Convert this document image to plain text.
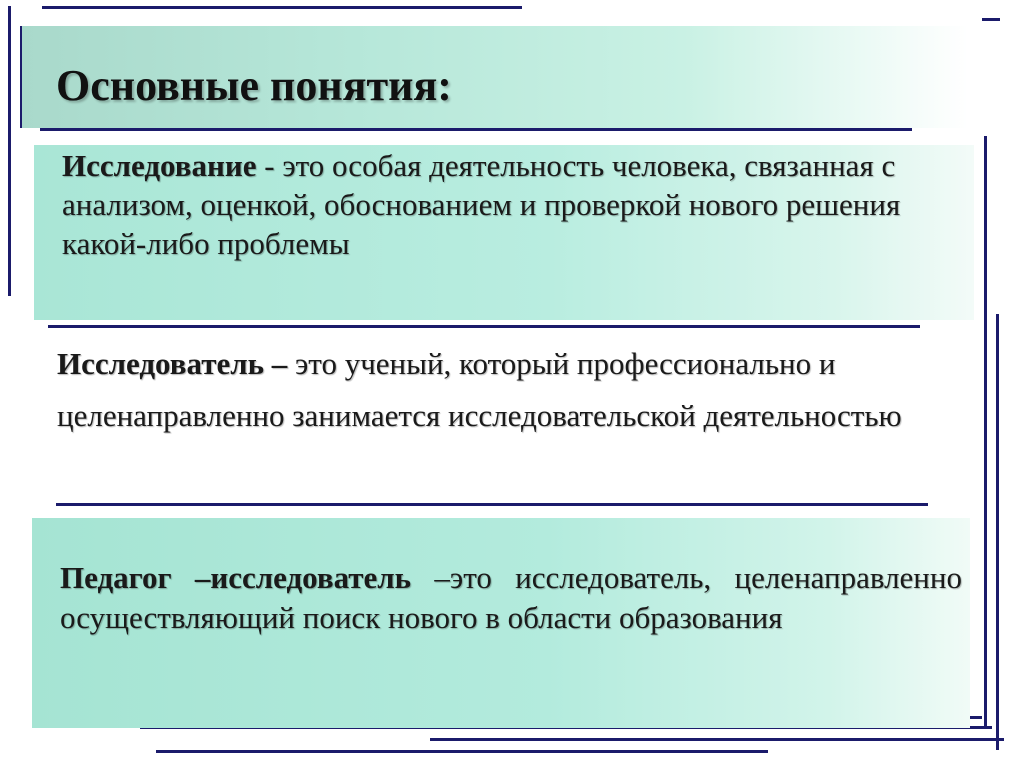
Основные понятия:

Исследование - это особая деятельность человека, связанная с анализом, оценкой, обоснованием и проверкой нового решения какой-либо проблемы

Исследователь – это ученый, который профессионально и целенаправленно занимается исследовательской деятельностью

Педагог –исследователь –это исследователь, целенаправленно осуществляющий поиск нового в области образования
